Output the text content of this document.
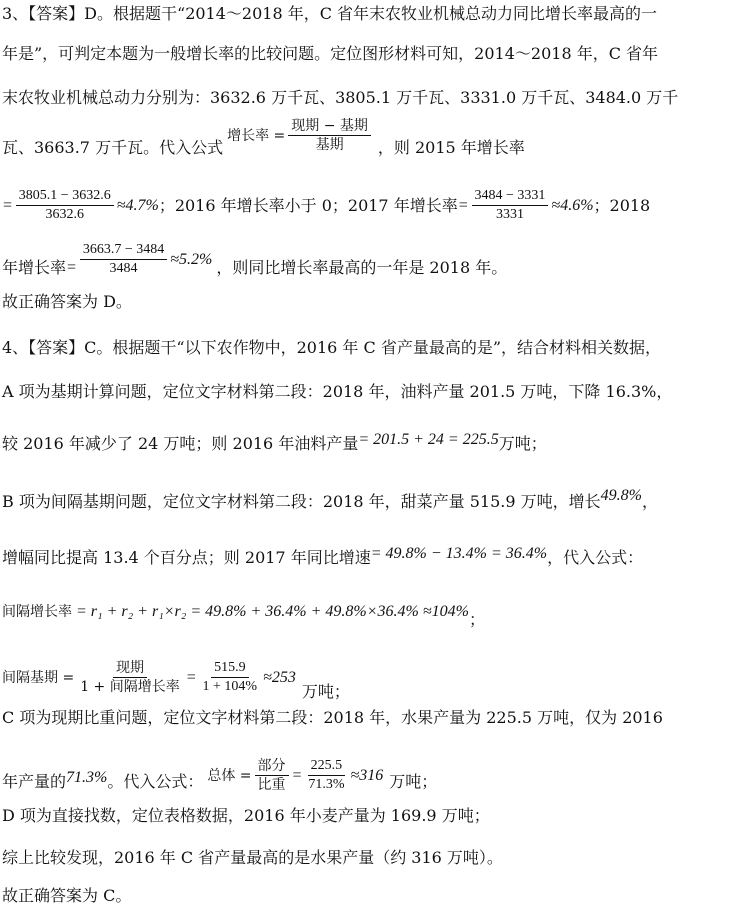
3、【答案】D。根据题干“2014～2018 年，C 省年末农牧业机械总动力同比增长率最高的一
年是”，可判定本题为一般增长率的比较问题。定位图形材料可知，2014～2018 年，C 省年
末农牧业机械总动力分别为：3632.6 万千瓦、3805.1 万千瓦、3331.0 万千瓦、3484.0 万千
瓦、3663.7 万千瓦。代入公式
增长率 = $\frac{\text{现期 − 基期}}{\text{基期}}$ ，则 2015 年增长率
= $\frac{3805.1 - 3632.6}{3632.6} \approx 4.7\%$ ；2016 年增长率小于 0；2017 年增长率 = $\frac{3484 - 3331}{3331} \approx 4.6\%$ ；2018
年增长率 = $\frac{3663.7 - 3484}{3484} \approx 5.2\%$ ，则同比增长率最高的一年是 2018 年。
故正确答案为 D。
4、【答案】C。根据题干“以下农作物中，2016 年 C 省产量最高的是”，结合材料相关数据，
A 项为基期计算问题，定位文字材料第二段：2018 年，油料产量 201.5 万吨，下降 16.3%，
较 2016 年减少了 24 万吨；则 2016 年油料产量 = 201.5 + 24 = 225.5 万吨；
B 项为间隔基期问题，定位文字材料第二段：2018 年，甜菜产量 515.9 万吨，增长 49.8% ，
增幅同比提高 13.4 个百分点；则 2017 年同比增速 = 49.8% − 13.4% = 36.4% ，代入公式：
间隔增长率 = r₁ + r₂ + r₁×r₂ = 49.8% + 36.4% + 49.8%×36.4% ≈104% ；
间隔基期 = $\frac{\text{现期}}{\text{1 + 间隔增长率}} = \frac{515.9}{1 + 104\%} \approx 253$
万吨；
C 项为现期比重问题，定位文字材料第二段：2018 年，水果产量为 225.5 万吨，仅为 2016
年产量的 71.3% 。代入公式： 总体 = $\frac{\text{部分}}{\text{比重}} = \frac{225.5}{71.3\%} \approx 316$ 万吨；
D 项为直接找数，定位表格数据，2016 年小麦产量为 169.9 万吨；
综上比较发现，2016 年 C 省产量最高的是水果产量（约 316 万吨）。
故正确答案为 C。
